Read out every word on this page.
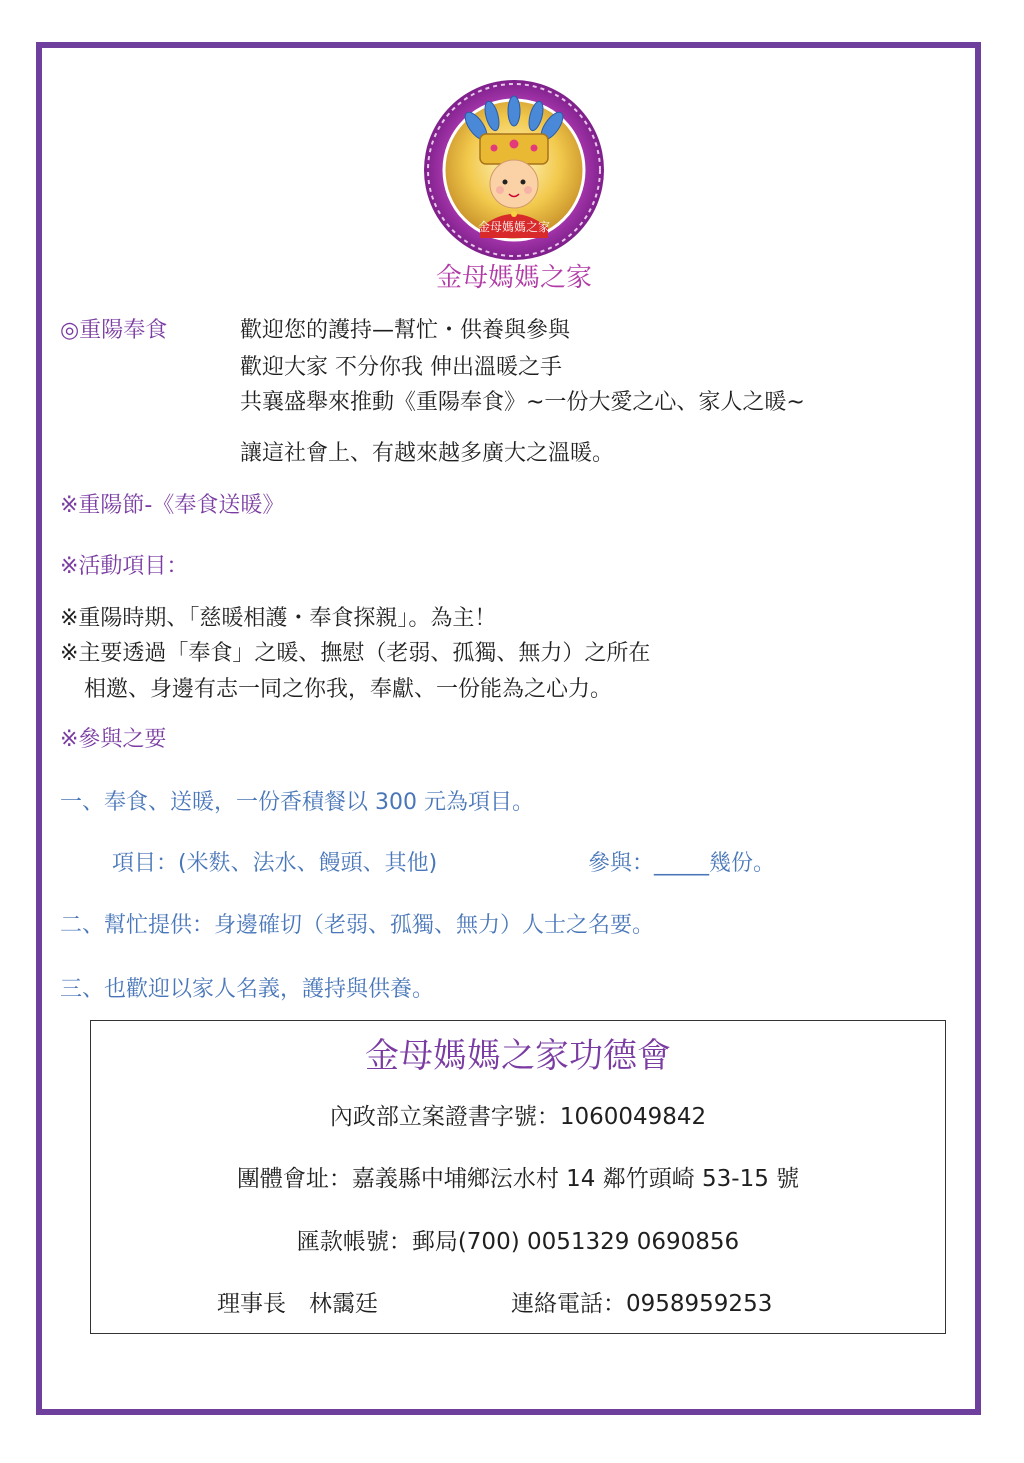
金母媽媽之家
金母媽媽之家
◎重陽奉食	歡迎您的護持—幫忙・供養與參與
歡迎大家 不分你我 伸出溫暖之手
共襄盛舉來推動《重陽奉食》~一份大愛之心、家人之暖~
讓這社會上、有越來越多廣大之溫暖。
※重陽節-《奉食送暖》
※活動項目：
※重陽時期、「慈暖相護・奉食探親」。為主！
※主要透過「奉食」之暖、撫慰（老弱、孤獨、無力）之所在
相邀、身邊有志一同之你我，奉獻、一份能為之心力。
※參與之要
一、奉食、送暖，一份香積餐以 300 元為項目。
項目：(米麩、法水、饅頭、其他)	參與：_____幾份。
二、幫忙提供：身邊確切（老弱、孤獨、無力）人士之名要。
三、也歡迎以家人名義，護持與供養。
金母媽媽之家功德會
內政部立案證書字號：1060049842
團體會址：嘉義縣中埔鄉沄水村 14 鄰竹頭崎 53-15 號
匯款帳號：郵局(700) 0051329 0690856
理事長　林靄廷	連絡電話：0958959253
